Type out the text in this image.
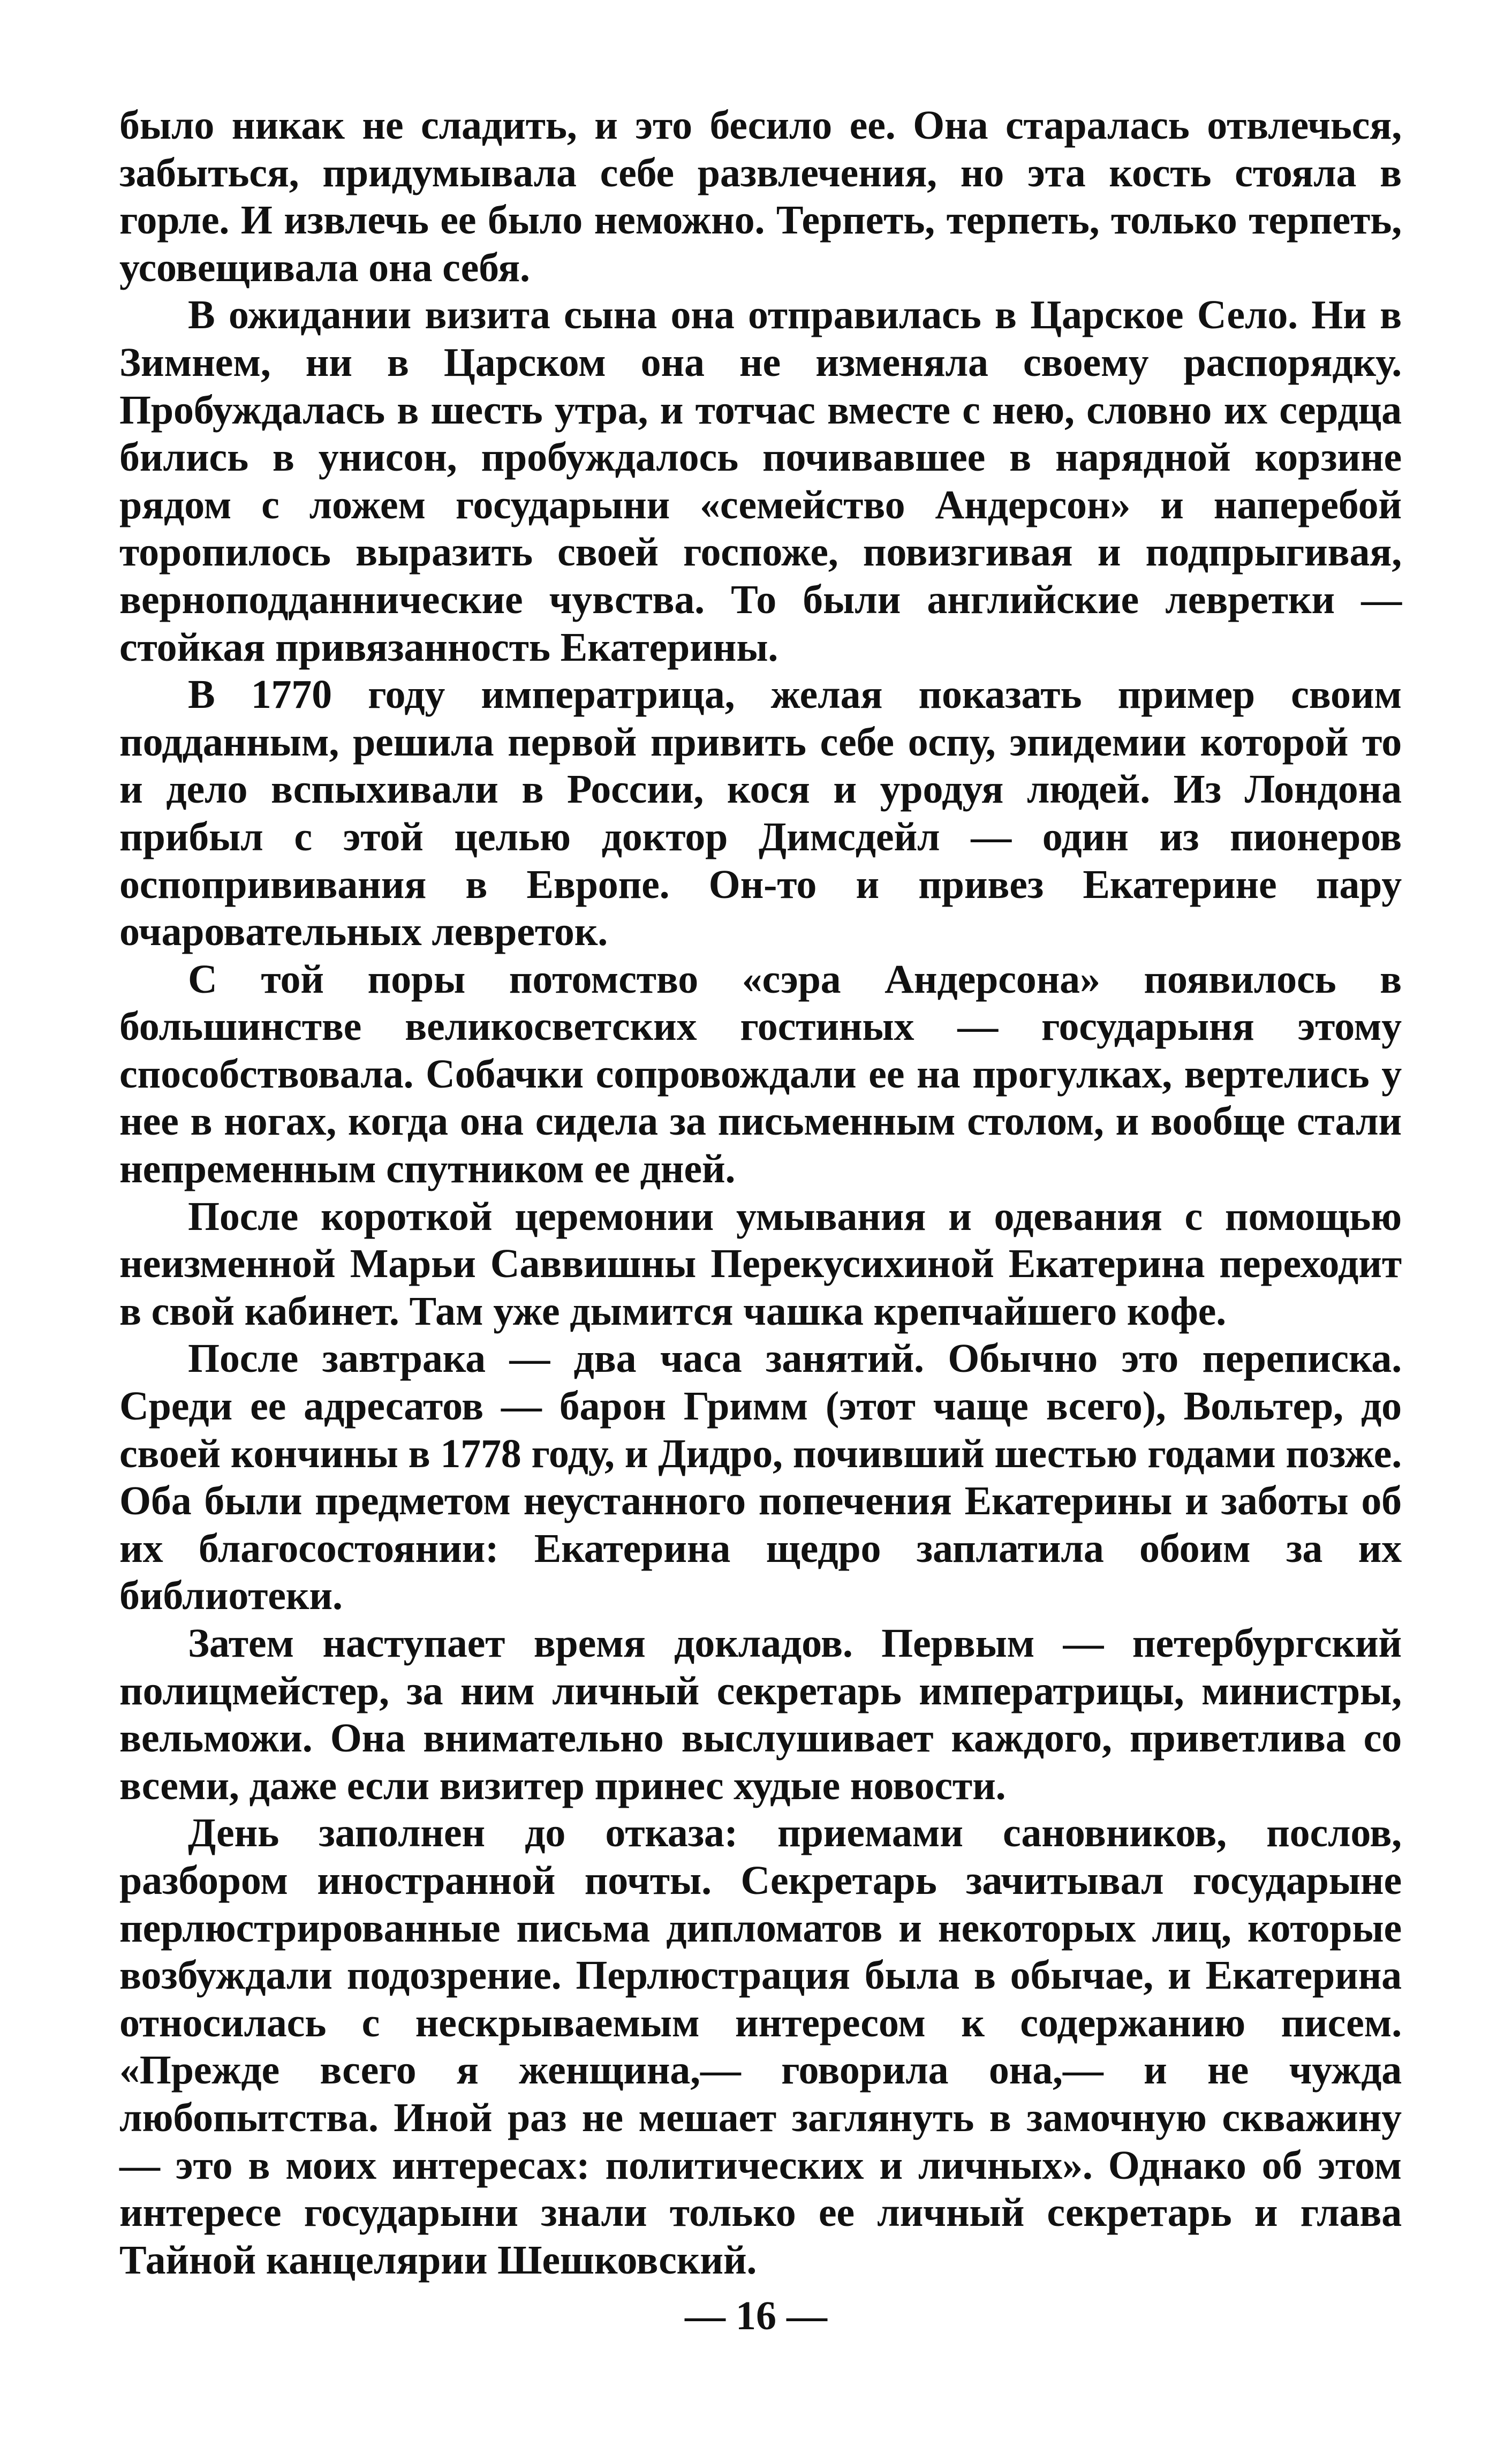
было никак не сладить, и это бесило ее. Она старалась отвлечься, забыться, придумывала себе развлечения, но эта кость стояла в горле. И извлечь ее было неможно. Терпеть, терпеть, только терпеть, усовещивала она себя.

В ожидании визита сына она отправилась в Царское Село. Ни в Зимнем, ни в Царском она не изменяла своему распорядку. Пробуждалась в шесть утра, и тотчас вместе с нею, словно их сердца бились в унисон, пробуждалось почивавшее в нарядной корзине рядом с ложем государыни «семейство Андерсон» и наперебой торопилось выразить своей госпоже, повизгивая и подпрыгивая, верноподданнические чувства. То были английские левретки — стойкая привязанность Екатерины.

В 1770 году императрица, желая показать пример своим подданным, решила первой привить себе оспу, эпидемии которой то и дело вспыхивали в России, кося и уродуя людей. Из Лондона прибыл с этой целью доктор Димсдейл — один из пионеров оспопрививания в Европе. Он-то и привез Екатерине пару очаровательных левреток.

С той поры потомство «сэра Андерсона» появилось в большинстве великосветских гостиных — государыня этому способствовала. Собачки сопровождали ее на прогулках, вертелись у нее в ногах, когда она сидела за письменным столом, и вообще стали непременным спутником ее дней.

После короткой церемонии умывания и одевания с помощью неизменной Марьи Саввишны Перекусихиной Екатерина переходит в свой кабинет. Там уже дымится чашка крепчайшего кофе.

После завтрака — два часа занятий. Обычно это переписка. Среди ее адресатов — барон Гримм (этот чаще всего), Вольтер, до своей кончины в 1778 году, и Дидро, почивший шестью годами позже. Оба были предметом неустанного попечения Екатерины и заботы об их благосостоянии: Екатерина щедро заплатила обоим за их библиотеки.

Затем наступает время докладов. Первым — петербургский полицмейстер, за ним личный секретарь императрицы, министры, вельможи. Она внимательно выслушивает каждого, приветлива со всеми, даже если визитер принес худые новости.

День заполнен до отказа: приемами сановников, послов, разбором иностранной почты. Секретарь зачитывал государыне перлюстрированные письма дипломатов и некоторых лиц, которые возбуждали подозрение. Перлюстрация была в обычае, и Екатерина относилась с нескрываемым интересом к содержанию писем. «Прежде всего я женщина,— говорила она,— и не чужда любопытства. Иной раз не мешает заглянуть в замочную скважину — это в моих интересах: политических и личных». Однако об этом интересе государыни знали только ее личный секретарь и глава Тайной канцелярии Шешковский.

— 16 —
